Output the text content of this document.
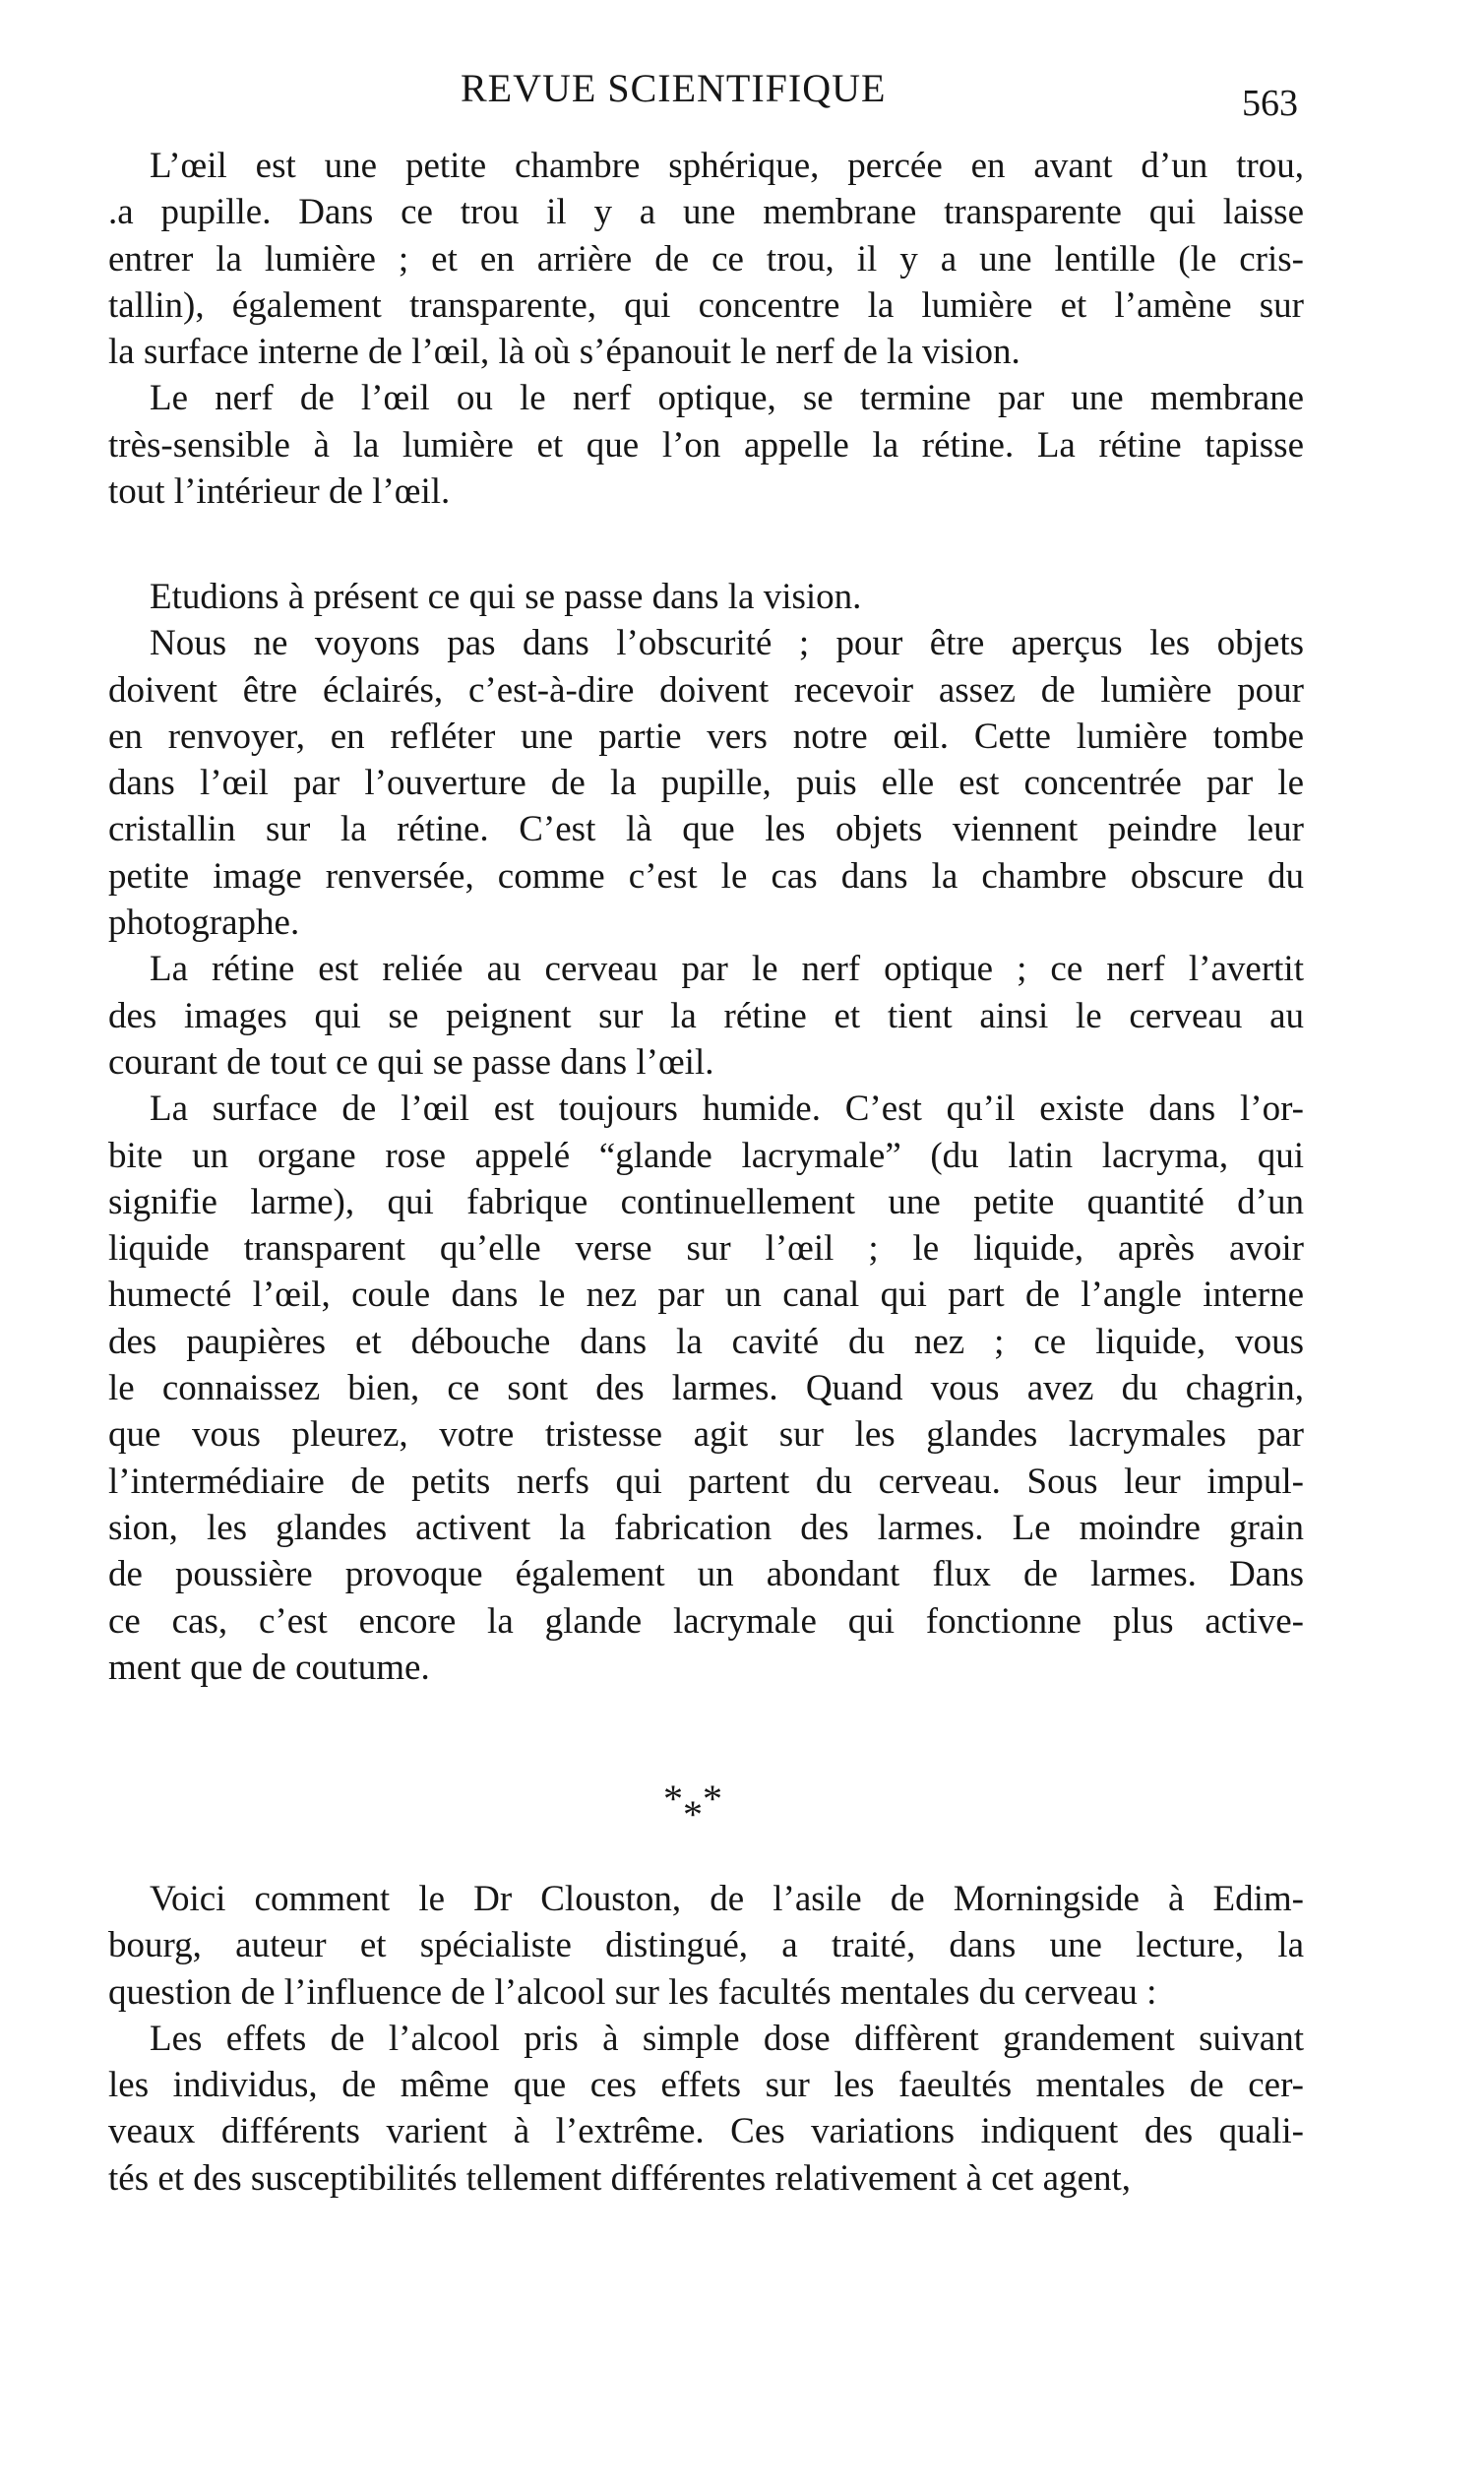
REVUE SCIENTIFIQUE	563
L’œil est une petite chambre sphérique, percée en avant d’un trou,
.a pupille. Dans ce trou il y a une membrane transparente qui laisse
entrer la lumière ; et en arrière de ce trou, il y a une lentille (le cris-
tallin), également transparente, qui concentre la lumière et l’amène sur
la surface interne de l’œil, là où s’épanouit le nerf de la vision.
Le nerf de l’œil ou le nerf optique, se termine par une membrane
très-sensible à la lumière et que l’on appelle la rétine. La rétine tapisse
tout l’intérieur de l’œil.
Etudions à présent ce qui se passe dans la vision.
Nous ne voyons pas dans l’obscurité ; pour être aperçus les objets
doivent être éclairés, c’est-à-dire doivent recevoir assez de lumière pour
en renvoyer, en refléter une partie vers notre œil. Cette lumière tombe
dans l’œil par l’ouverture de la pupille, puis elle est concentrée par le
cristallin sur la rétine. C’est là que les objets viennent peindre leur
petite image renversée, comme c’est le cas dans la chambre obscure du
photographe.
La rétine est reliée au cerveau par le nerf optique ; ce nerf l’avertit
des images qui se peignent sur la rétine et tient ainsi le cerveau au
courant de tout ce qui se passe dans l’œil.
La surface de l’œil est toujours humide. C’est qu’il existe dans l’or-
bite un organe rose appelé “glande lacrymale” (du latin lacryma, qui
signifie larme), qui fabrique continuellement une petite quantité d’un
liquide transparent qu’elle verse sur l’œil ; le liquide, après avoir
humecté l’œil, coule dans le nez par un canal qui part de l’angle interne
des paupières et débouche dans la cavité du nez ; ce liquide, vous
le connaissez bien, ce sont des larmes. Quand vous avez du chagrin,
que vous pleurez, votre tristesse agit sur les glandes lacrymales par
l’intermédiaire de petits nerfs qui partent du cerveau. Sous leur impul-
sion, les glandes activent la fabrication des larmes. Le moindre grain
de poussière provoque également un abondant flux de larmes. Dans
ce cas, c’est encore la glande lacrymale qui fonctionne plus active-
ment que de coutume.
***
Voici comment le Dr Clouston, de l’asile de Morningside à Edim-
bourg, auteur et spécialiste distingué, a traité, dans une lecture, la
question de l’influence de l’alcool sur les facultés mentales du cerveau :
Les effets de l’alcool pris à simple dose diffèrent grandement suivant
les individus, de même que ces effets sur les faeultés mentales de cer-
veaux différents varient à l’extrême. Ces variations indiquent des quali-
tés et des susceptibilités tellement différentes relativement à cet agent,
